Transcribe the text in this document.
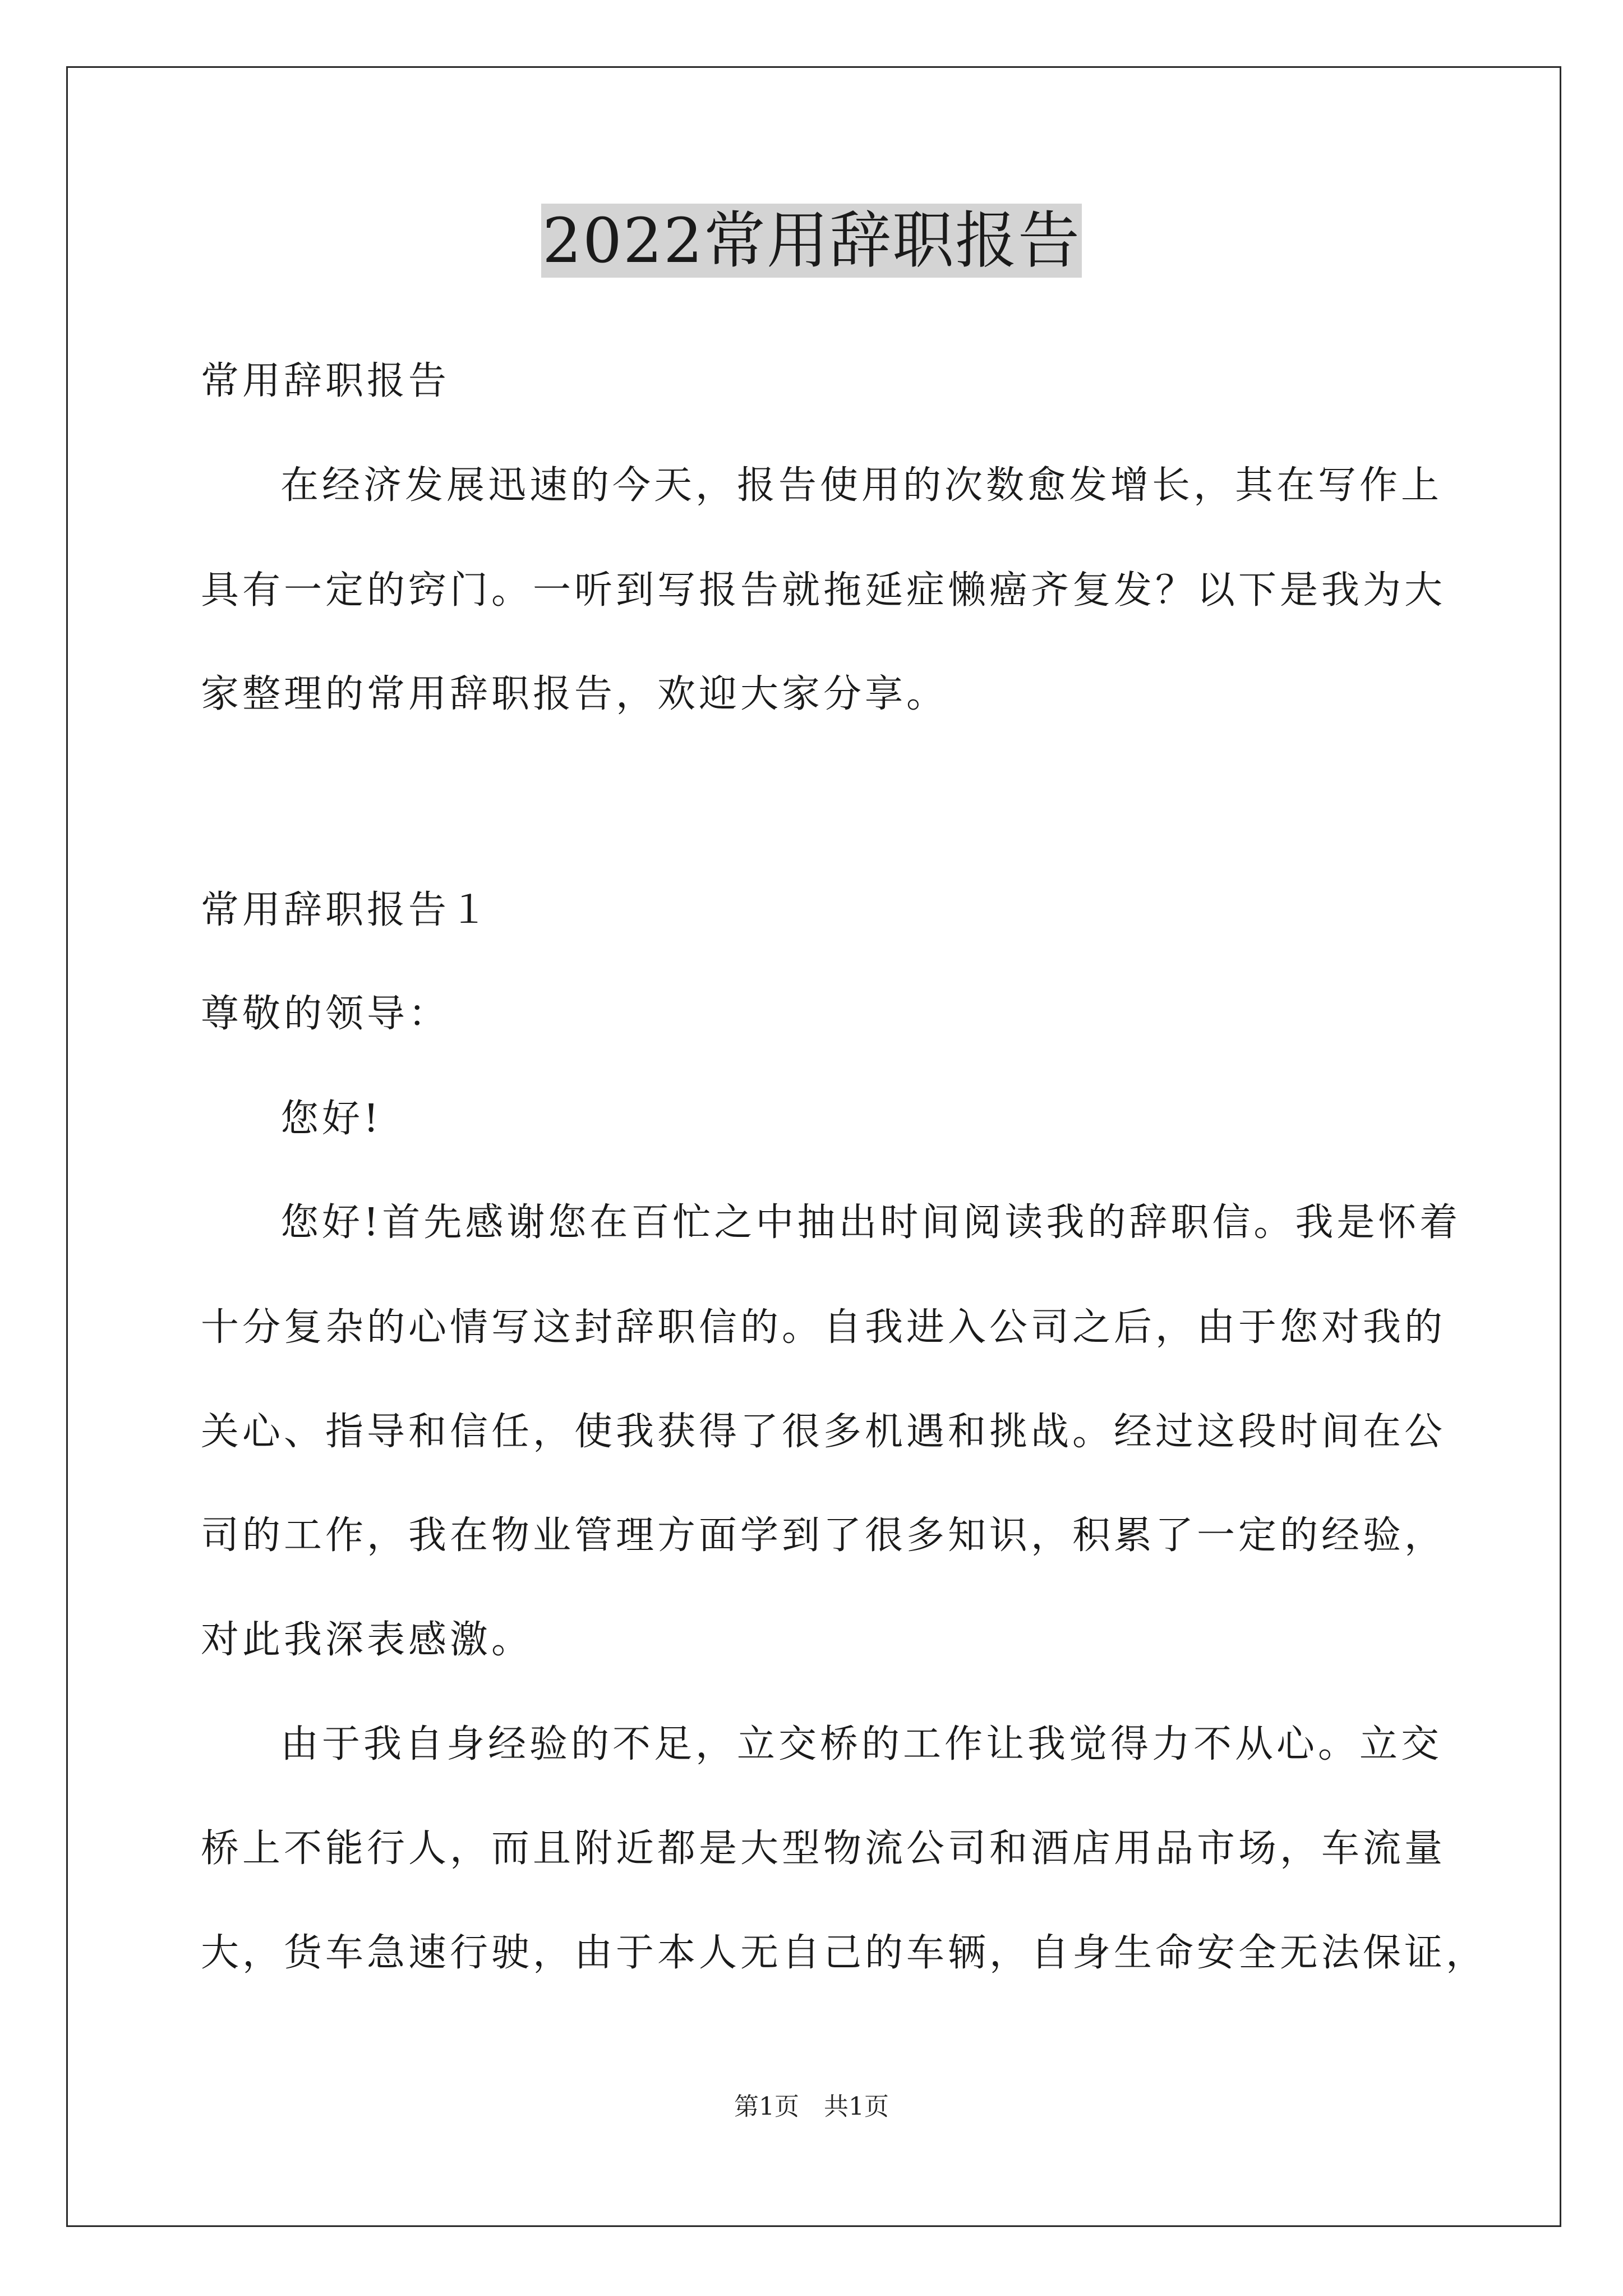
2022常用辞职报告
常用辞职报告
在经济发展迅速的今天，报告使用的次数愈发增长，其在写作上
具有一定的窍门。一听到写报告就拖延症懒癌齐复发？以下是我为大
家整理的常用辞职报告，欢迎大家分享。
常用辞职报告１
尊敬的领导：
您好!
您好!首先感谢您在百忙之中抽出时间阅读我的辞职信。我是怀着
十分复杂的心情写这封辞职信的。自我进入公司之后，由于您对我的
关心、指导和信任，使我获得了很多机遇和挑战。经过这段时间在公
司的工作，我在物业管理方面学到了很多知识，积累了一定的经验，
对此我深表感激。
由于我自身经验的不足，立交桥的工作让我觉得力不从心。立交
桥上不能行人，而且附近都是大型物流公司和酒店用品市场，车流量
大，货车急速行驶，由于本人无自己的车辆，自身生命安全无法保证，
第1页　共1页
